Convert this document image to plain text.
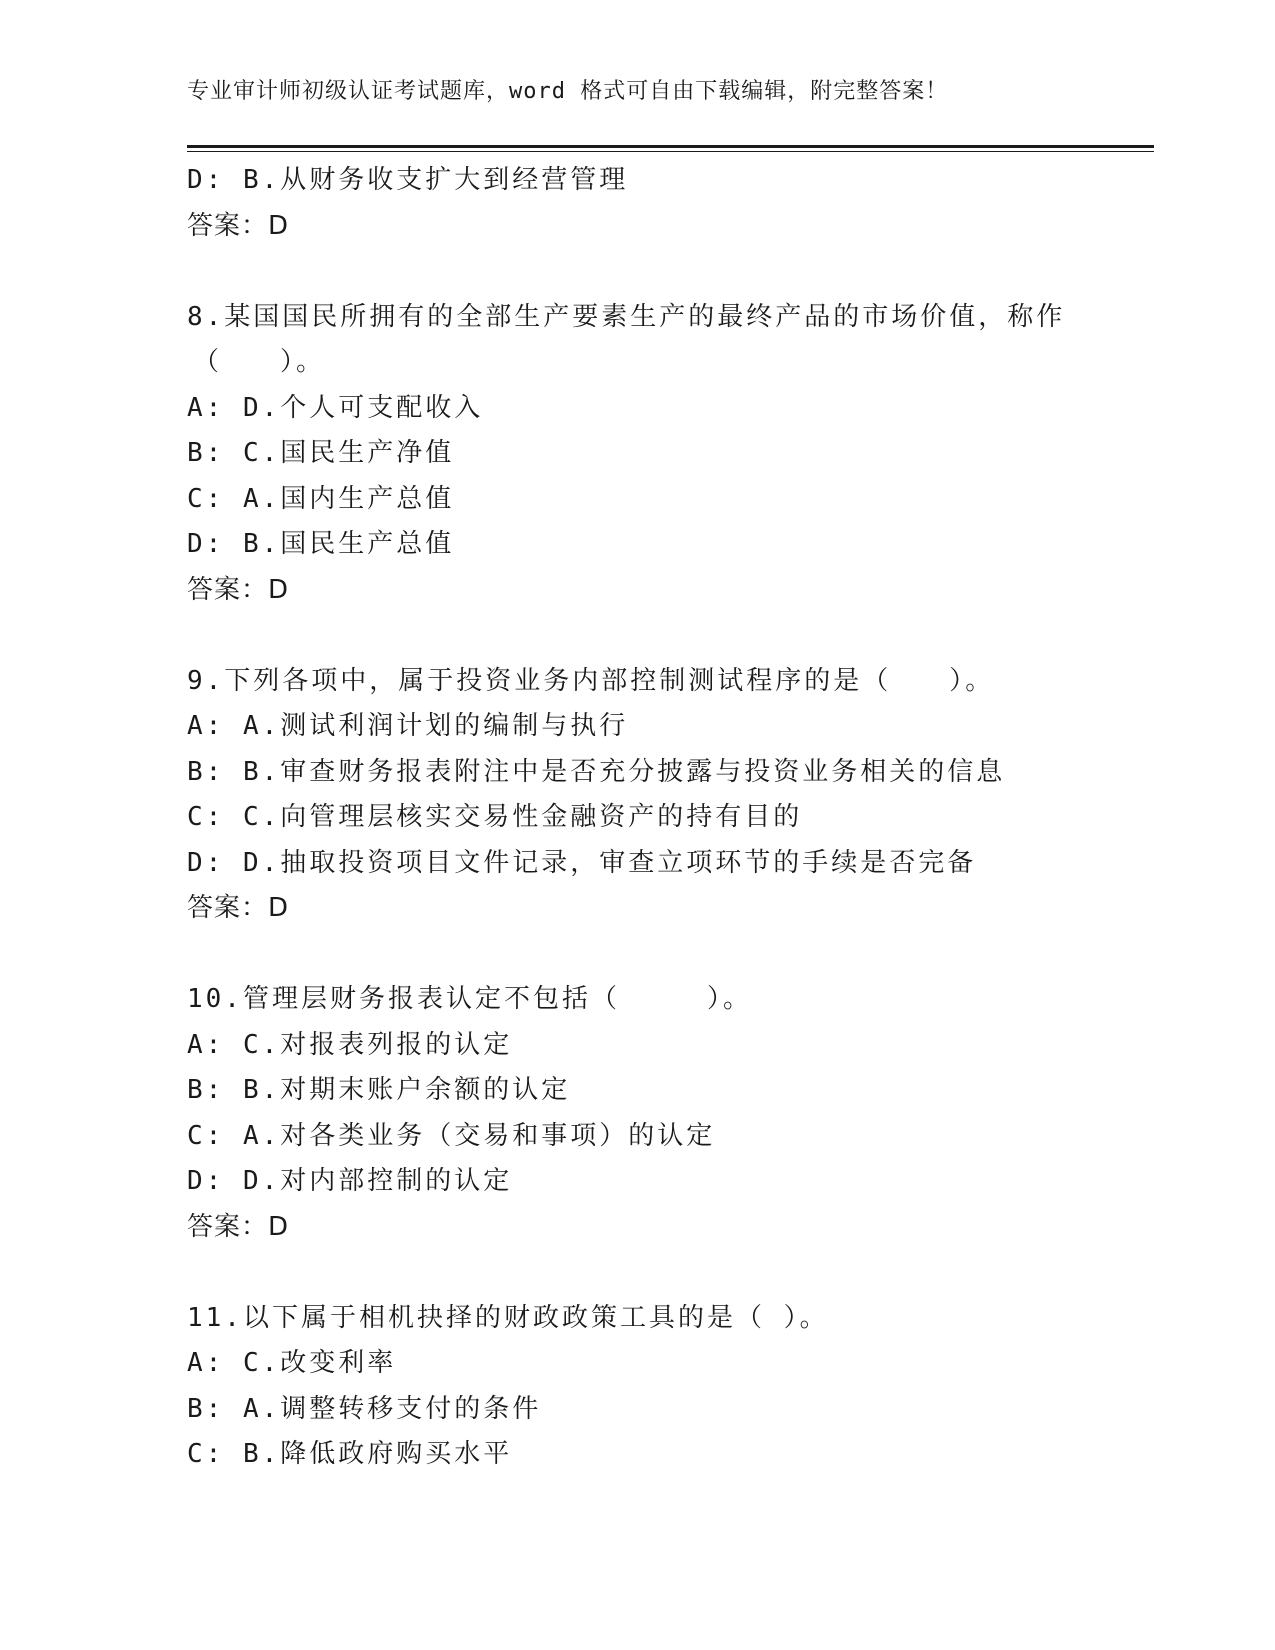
专业审计师初级认证考试题库，word 格式可自由下载编辑，附完整答案！
D: B.从财务收支扩大到经营管理
答案：D
8.某国国民所拥有的全部生产要素生产的最终产品的市场价值，称作
（　　）。
A: D.个人可支配收入
B: C.国民生产净值
C: A.国内生产总值
D: B.国民生产总值
答案：D
9.下列各项中，属于投资业务内部控制测试程序的是（　　）。
A: A.测试利润计划的编制与执行
B: B.审查财务报表附注中是否充分披露与投资业务相关的信息
C: C.向管理层核实交易性金融资产的持有目的
D: D.抽取投资项目文件记录，审查立项环节的手续是否完备
答案：D
10.管理层财务报表认定不包括（　　　）。
A: C.对报表列报的认定
B: B.对期末账户余额的认定
C: A.对各类业务（交易和事项）的认定
D: D.对内部控制的认定
答案：D
11.以下属于相机抉择的财政政策工具的是（ ）。
A: C.改变利率
B: A.调整转移支付的条件
C: B.降低政府购买水平
